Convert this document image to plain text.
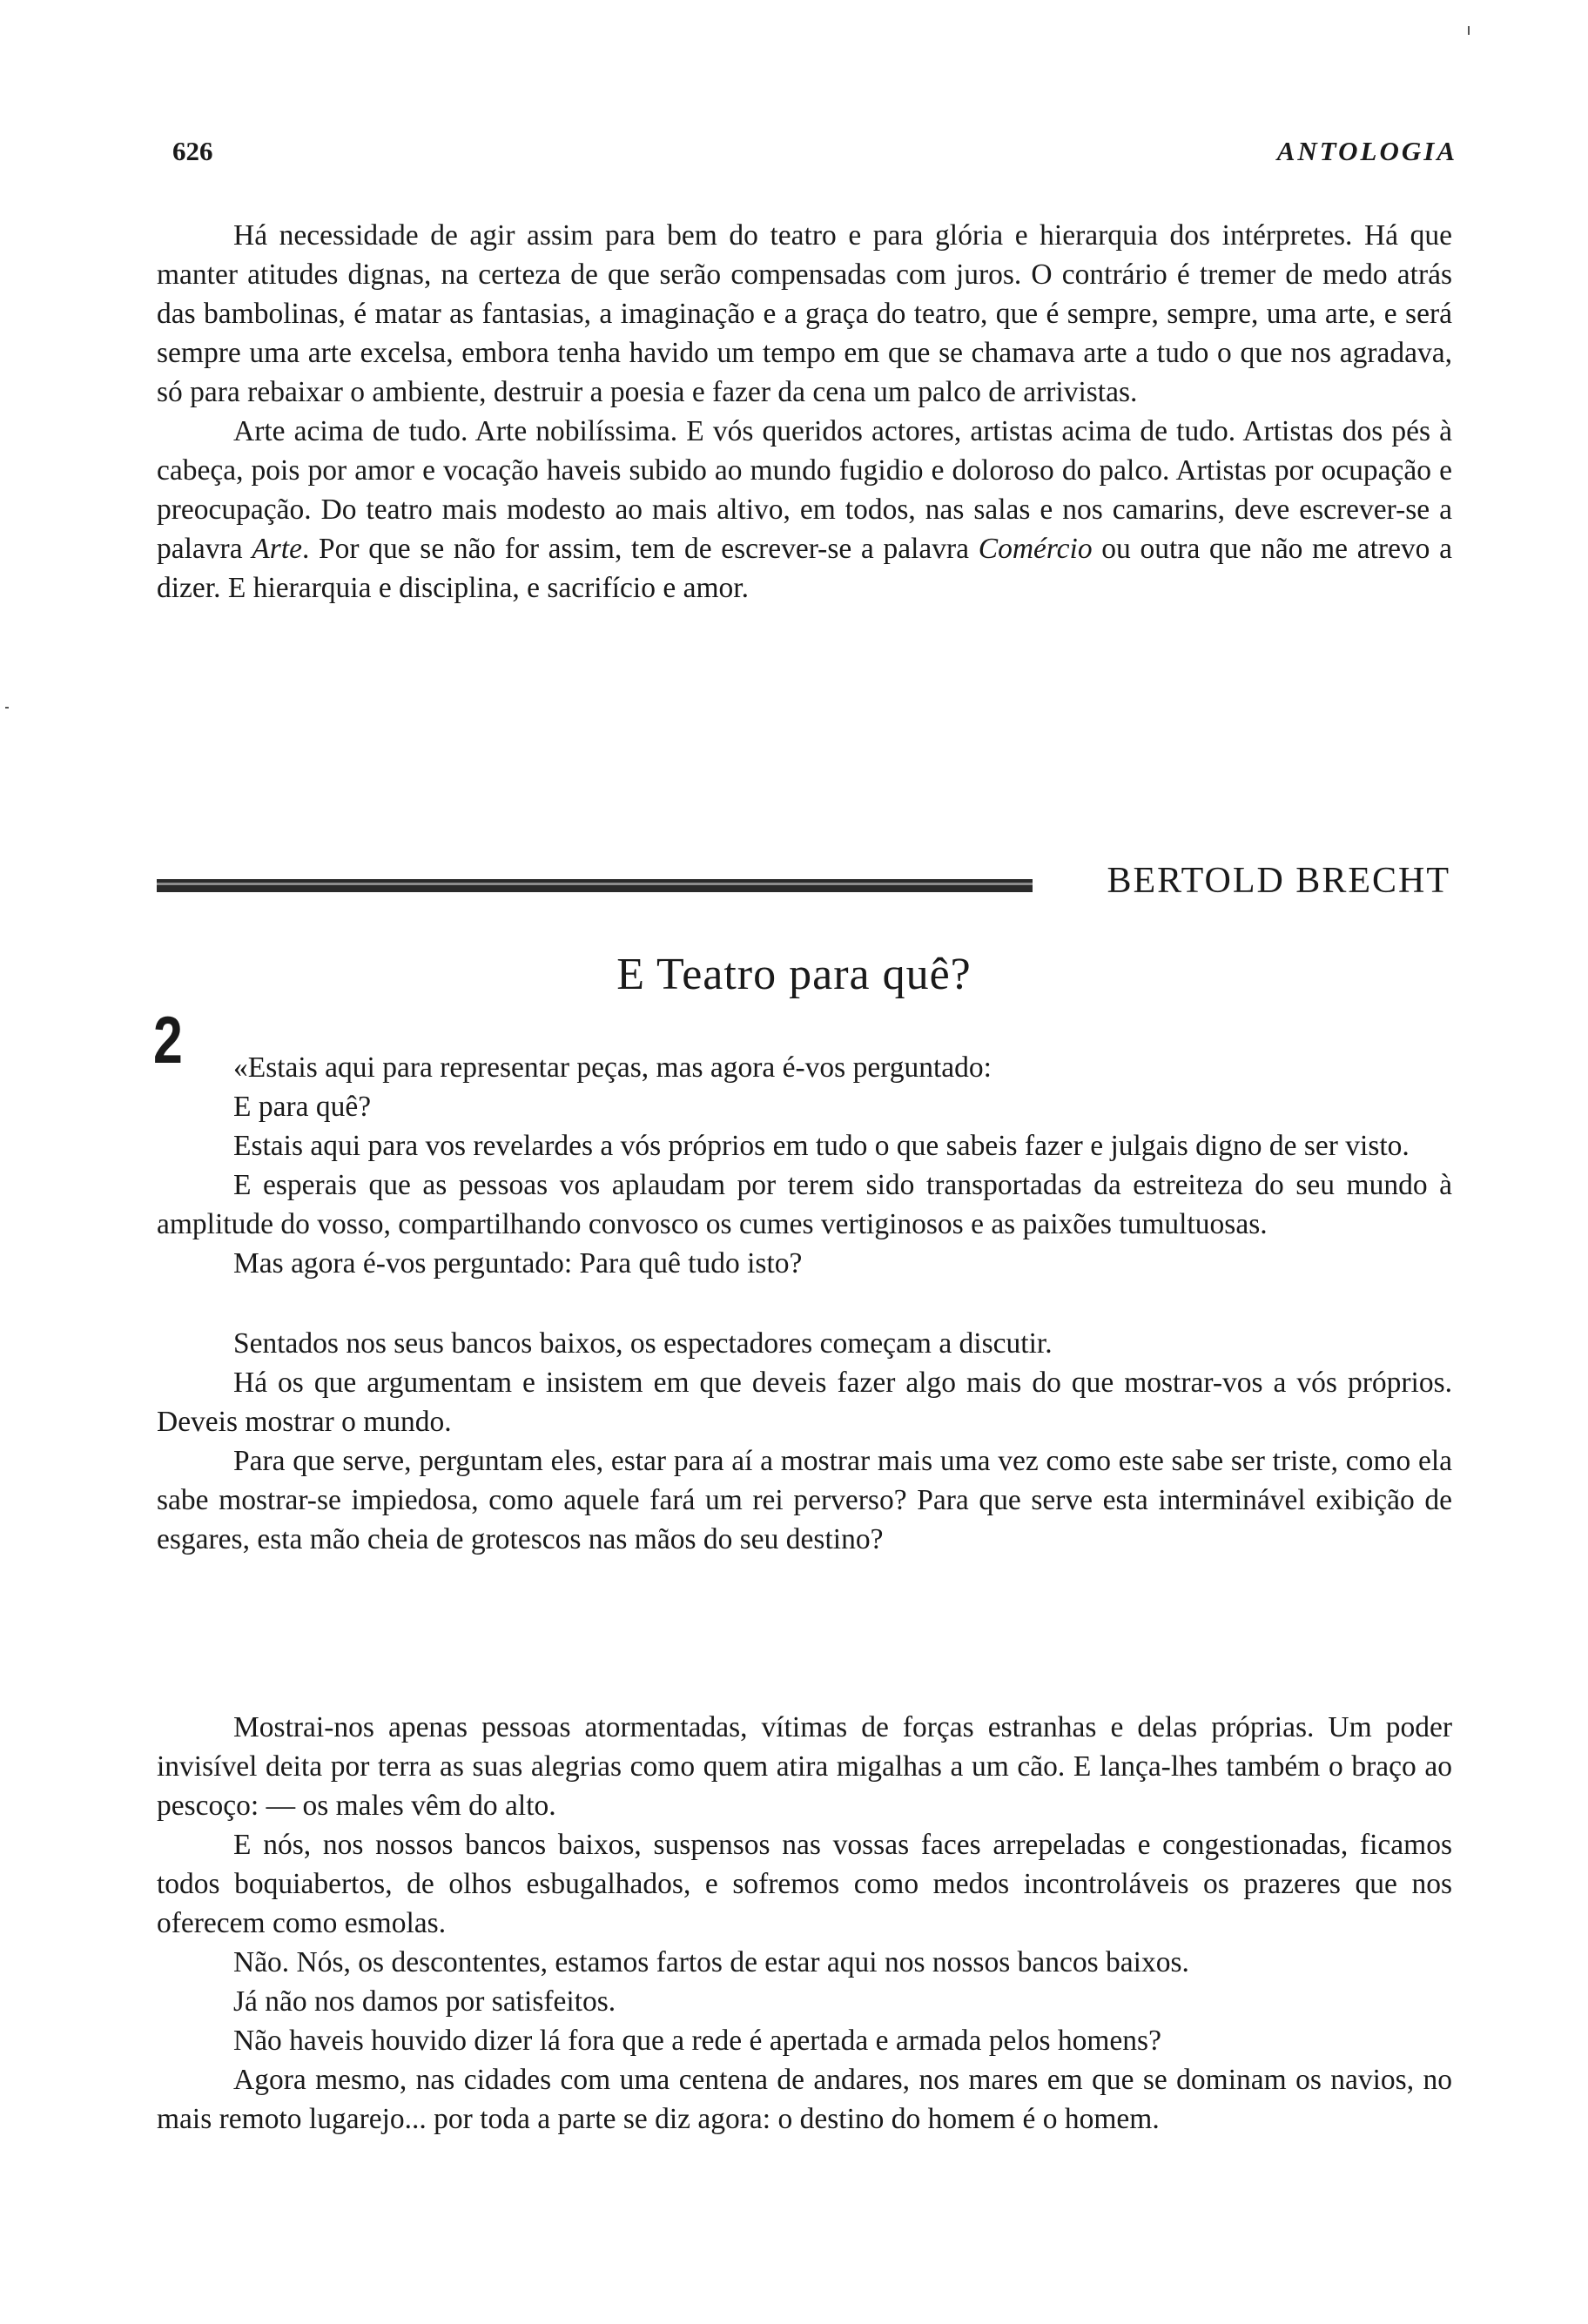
626	ANTOLOGIA

Há necessidade de agir assim para bem do teatro e para glória e hierarquia dos intérpretes. Há que manter atitudes dignas, na certeza de que serão compensadas com juros. O contrário é tremer de medo atrás das bambolinas, é matar as fantasias, a imaginação e a graça do teatro, que é sempre, sempre, uma arte, e será sempre uma arte excelsa, embora tenha havido um tempo em que se chamava arte a tudo o que nos agradava, só para rebaixar o ambiente, destruir a poesia e fazer da cena um palco de arrivistas.

Arte acima de tudo. Arte nobilíssima. E vós queridos actores, artistas acima de tudo. Artistas dos pés à cabeça, pois por amor e vocação haveis subido ao mundo fugidio e doloroso do palco. Artistas por ocupação e preocupação. Do teatro mais modesto ao mais altivo, em todos, nas salas e nos camarins, deve escrever-se a palavra Arte. Por que se não for assim, tem de escrever-se a palavra Comércio ou outra que não me atrevo a dizer. E hierarquia e disciplina, e sacrifício e amor.

BERTOLD BRECHT
E Teatro para quê?
2	«Estais aqui para representar peças, mas agora é-vos perguntado:

E para quê?

Estais aqui para vos revelardes a vós próprios em tudo o que sabeis fazer e julgais digno de ser visto.

E esperais que as pessoas vos aplaudam por terem sido transportadas da estreiteza do seu mundo à amplitude do vosso, compartilhando convosco os cumes vertiginosos e as paixões tumultuosas.

Mas agora é-vos perguntado: Para quê tudo isto?

Sentados nos seus bancos baixos, os espectadores começam a discutir.

Há os que argumentam e insistem em que deveis fazer algo mais do que mostrar-vos a vós próprios. Deveis mostrar o mundo.

Para que serve, perguntam eles, estar para aí a mostrar mais uma vez como este sabe ser triste, como ela sabe mostrar-se impiedosa, como aquele fará um rei perverso? Para que serve esta interminável exibição de esgares, esta mão cheia de grotescos nas mãos do seu destino?

Mostrai-nos apenas pessoas atormentadas, vítimas de forças estranhas e delas próprias. Um poder invisível deita por terra as suas alegrias como quem atira migalhas a um cão. E lança-lhes também o braço ao pescoço: — os males vêm do alto.

E nós, nos nossos bancos baixos, suspensos nas vossas faces arrepeladas e congestionadas, ficamos todos boquiabertos, de olhos esbugalhados, e sofremos como medos incontroláveis os prazeres que nos oferecem como esmolas.

Não. Nós, os descontentes, estamos fartos de estar aqui nos nossos bancos baixos.

Já não nos damos por satisfeitos.

Não haveis houvido dizer lá fora que a rede é apertada e armada pelos homens?

Agora mesmo, nas cidades com uma centena de andares, nos mares em que se dominam os navios, no mais remoto lugarejo... por toda a parte se diz agora: o destino do homem é o homem.
